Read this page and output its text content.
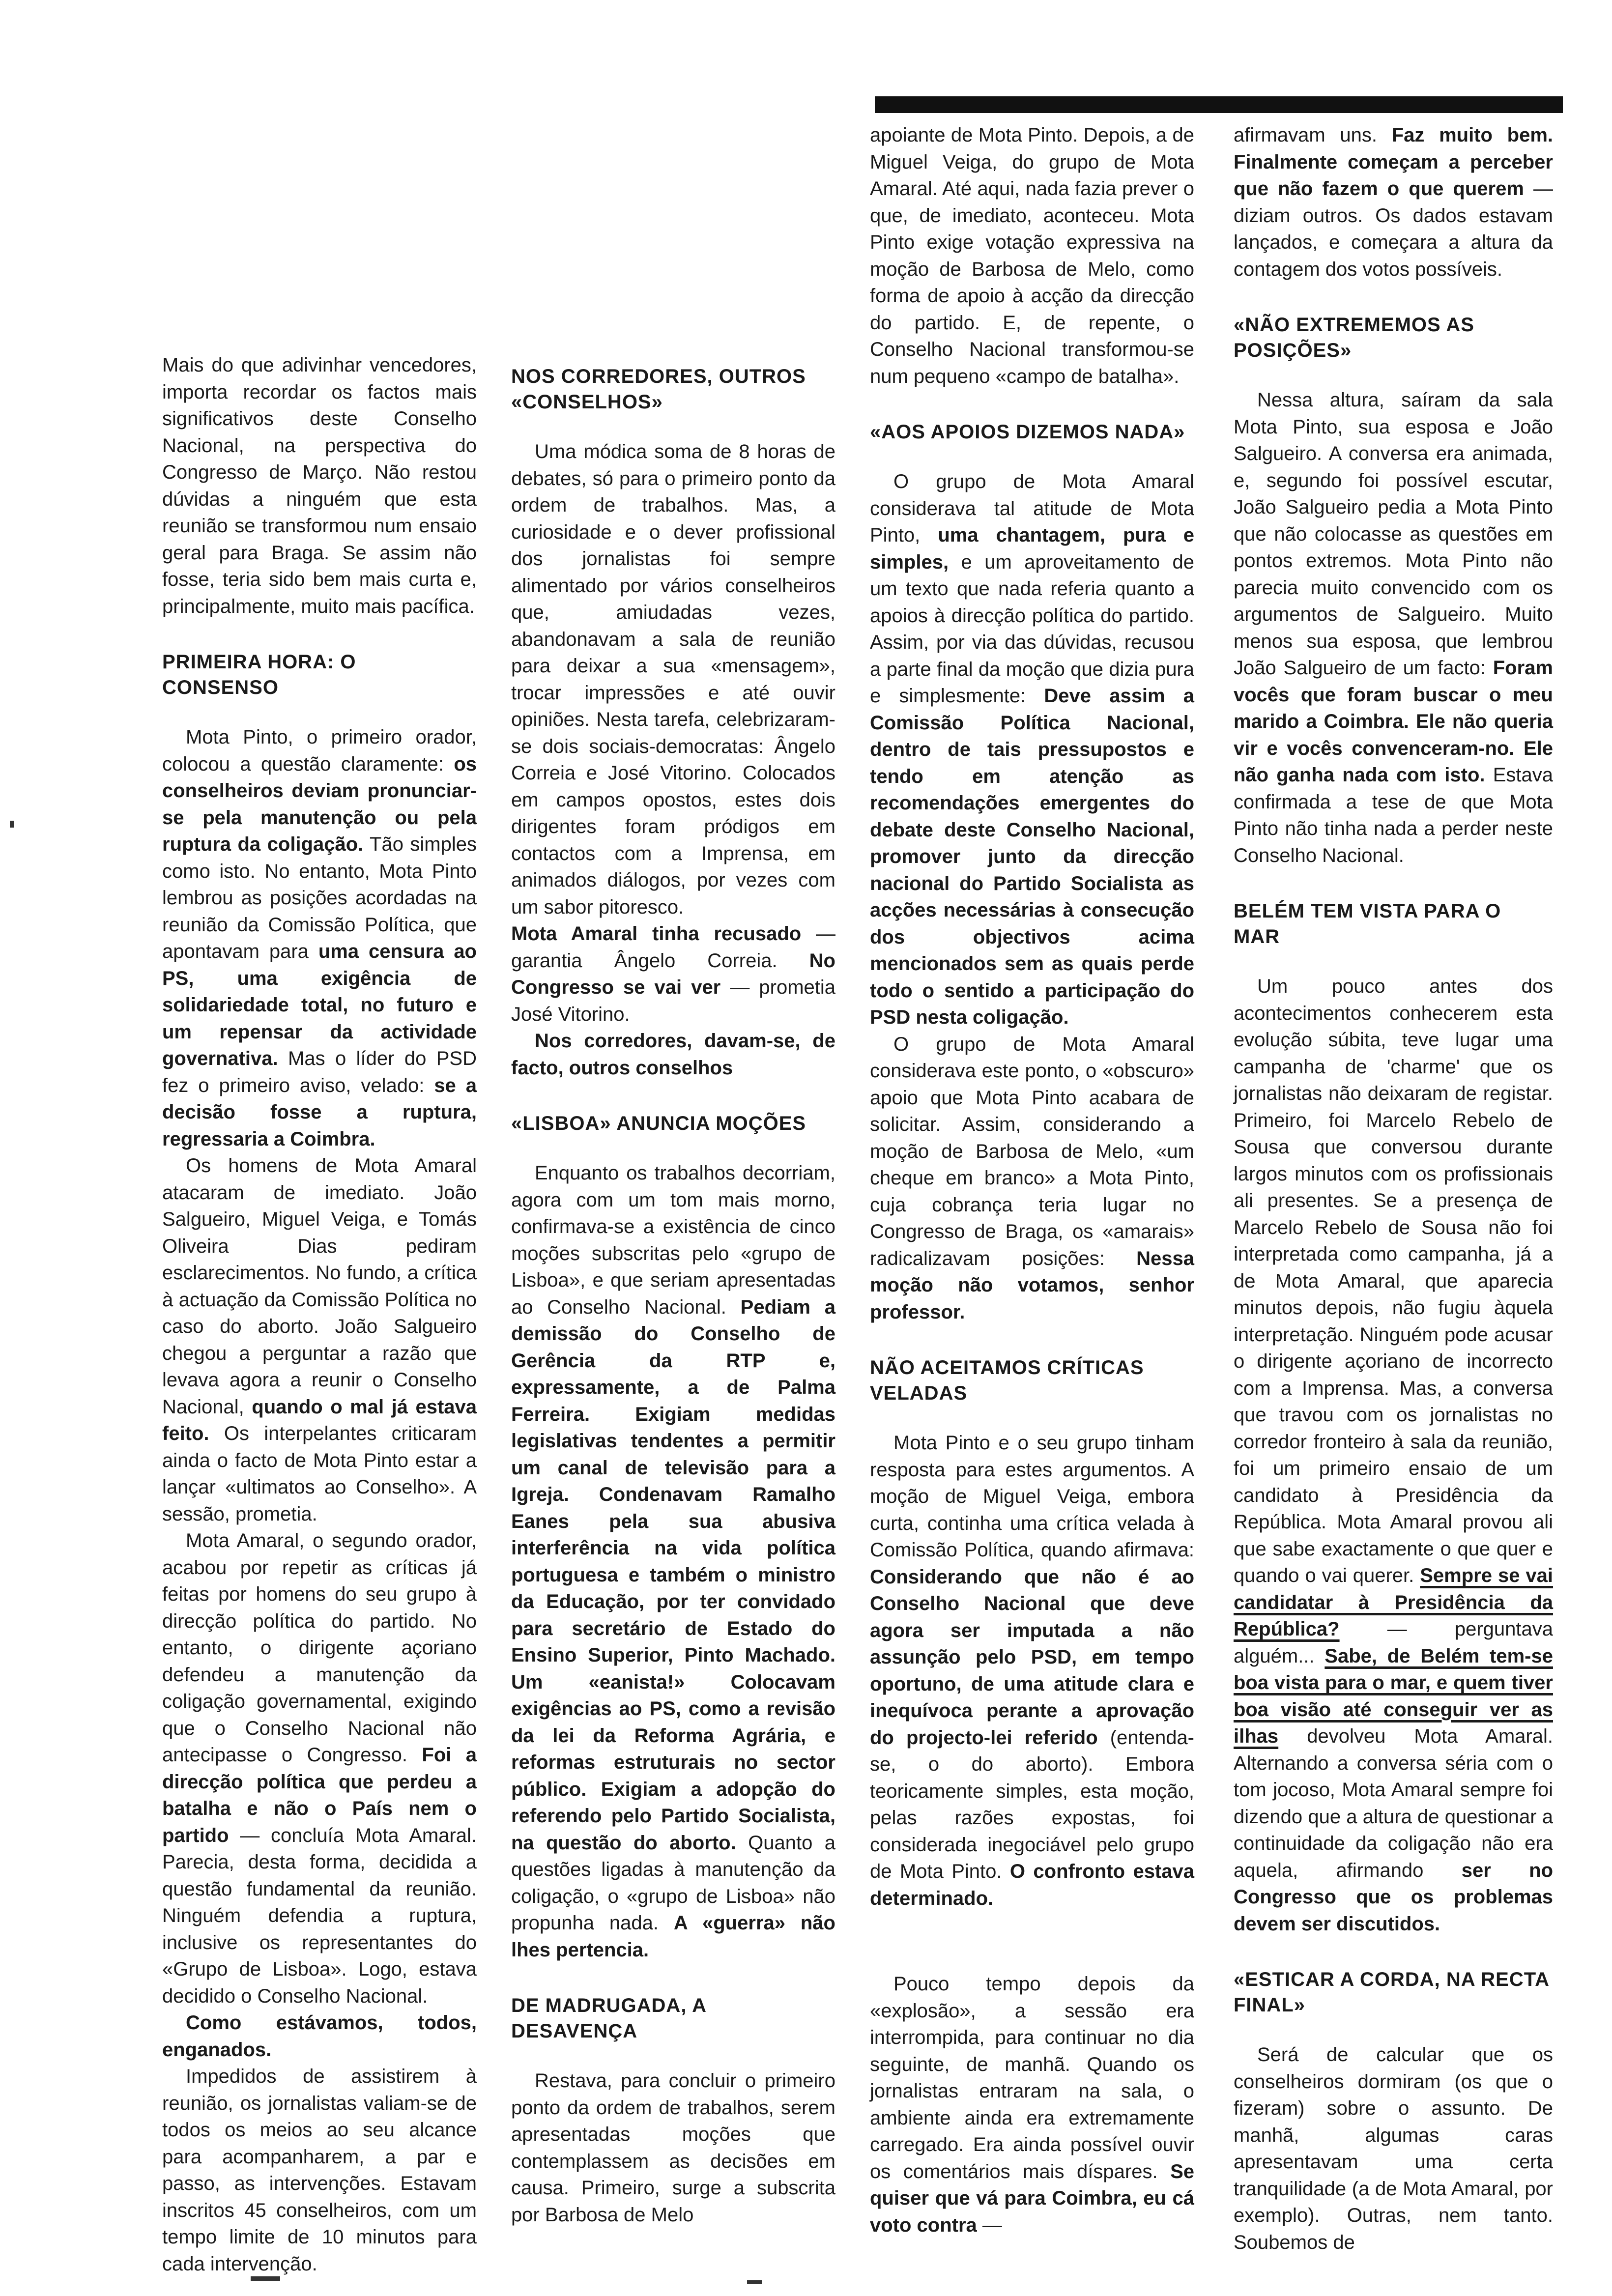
Mais do que adivinhar vencedores, importa recordar os factos mais significativos deste Conselho Nacional, na perspectiva do Congresso de Março. Não restou dúvidas a ninguém que esta reunião se transformou num ensaio geral para Braga. Se assim não fosse, teria sido bem mais curta e, principalmente, muito mais pacífica.

PRIMEIRA HORA: O CONSENSO

Mota Pinto, o primeiro orador, colocou a questão claramente: os conselheiros deviam pronunciar-se pela manutenção ou pela ruptura da coligação. Tão simples como isto. No entanto, Mota Pinto lembrou as posições acordadas na reunião da Comissão Política, que apontavam para uma censura ao PS, uma exigência de solidariedade total, no futuro e um repensar da actividade governativa. Mas o líder do PSD fez o primeiro aviso, velado: se a decisão fosse a ruptura, regressaria a Coimbra.

Os homens de Mota Amaral atacaram de imediato. João Salgueiro, Miguel Veiga, e Tomás Oliveira Dias pediram esclarecimentos. No fundo, a crítica à actuação da Comissão Política no caso do aborto. João Salgueiro chegou a perguntar a razão que levava agora a reunir o Conselho Nacional, quando o mal já estava feito. Os interpelantes criticaram ainda o facto de Mota Pinto estar a lançar «ultimatos ao Conselho». A sessão, prometia.

Mota Amaral, o segundo orador, acabou por repetir as críticas já feitas por homens do seu grupo à direcção política do partido. No entanto, o dirigente açoriano defendeu a manutenção da coligação governamental, exigindo que o Conselho Nacional não antecipasse o Congresso. Foi a direcção política que perdeu a batalha e não o País nem o partido — concluía Mota Amaral. Parecia, desta forma, decidida a questão fundamental da reunião. Ninguém defendia a ruptura, inclusive os representantes do «Grupo de Lisboa». Logo, estava decidido o Conselho Nacional.

Como estávamos, todos, enganados.

Impedidos de assistirem à reunião, os jornalistas valiam-se de todos os meios ao seu alcance para acompanharem, a par e passo, as intervenções. Estavam inscritos 45 conselheiros, com um tempo limite de 10 minutos para cada intervenção.

NOS CORREDORES, OUTROS «CONSELHOS»

Uma módica soma de 8 horas de debates, só para o primeiro ponto da ordem de trabalhos. Mas, a curiosidade e o dever profissional dos jornalistas foi sempre alimentado por vários conselheiros que, amiudadas vezes, abandonavam a sala de reunião para deixar a sua «mensagem», trocar impressões e até ouvir opiniões. Nesta tarefa, celebrizaram-se dois sociais-democratas: Ângelo Correia e José Vitorino. Colocados em campos opostos, estes dois dirigentes foram pródigos em contactos com a Imprensa, em animados diálogos, por vezes com um sabor pitoresco.

Mota Amaral tinha recusado — garantia Ângelo Correia. No Congresso se vai ver — prometia José Vitorino.

Nos corredores, davam-se, de facto, outros conselhos

«LISBOA» ANUNCIA MOÇÕES

Enquanto os trabalhos decorriam, agora com um tom mais morno, confirmava-se a existência de cinco moções subscritas pelo «grupo de Lisboa», e que seriam apresentadas ao Conselho Nacional. Pediam a demissão do Conselho de Gerência da RTP e, expressamente, a de Palma Ferreira. Exigiam medidas legislativas tendentes a permitir um canal de televisão para a Igreja. Condenavam Ramalho Eanes pela sua abusiva interferência na vida política portuguesa e também o ministro da Educação, por ter convidado para secretário de Estado do Ensino Superior, Pinto Machado. Um «eanista!» Colocavam exigências ao PS, como a revisão da lei da Reforma Agrária, e reformas estruturais no sector público. Exigiam a adopção do referendo pelo Partido Socialista, na questão do aborto. Quanto a questões ligadas à manutenção da coligação, o «grupo de Lisboa» não propunha nada. A «guerra» não lhes pertencia.

DE MADRUGADA, A DESAVENÇA

Restava, para concluir o primeiro ponto da ordem de trabalhos, serem apresentadas moções que contemplassem as decisões em causa. Primeiro, surge a subscrita por Barbosa de Melo

apoiante de Mota Pinto. Depois, a de Miguel Veiga, do grupo de Mota Amaral. Até aqui, nada fazia prever o que, de imediato, aconteceu. Mota Pinto exige votação expressiva na moção de Barbosa de Melo, como forma de apoio à acção da direcção do partido. E, de repente, o Conselho Nacional transformou-se num pequeno «campo de batalha».

«AOS APOIOS DIZEMOS NADA»

O grupo de Mota Amaral considerava tal atitude de Mota Pinto, uma chantagem, pura e simples, e um aproveitamento de um texto que nada referia quanto a apoios à direcção política do partido. Assim, por via das dúvidas, recusou a parte final da moção que dizia pura e simplesmente: Deve assim a Comissão Política Nacional, dentro de tais pressupostos e tendo em atenção as recomendações emergentes do debate deste Conselho Nacional, promover junto da direcção nacional do Partido Socialista as acções necessárias à consecução dos objectivos acima mencionados sem as quais perde todo o sentido a participação do PSD nesta coligação.

O grupo de Mota Amaral considerava este ponto, o «obscuro» apoio que Mota Pinto acabara de solicitar. Assim, considerando a moção de Barbosa de Melo, «um cheque em branco» a Mota Pinto, cuja cobrança teria lugar no Congresso de Braga, os «amarais» radicalizavam posições: Nessa moção não votamos, senhor professor.

NÃO ACEITAMOS CRÍTICAS VELADAS

Mota Pinto e o seu grupo tinham resposta para estes argumentos. A moção de Miguel Veiga, embora curta, continha uma crítica velada à Comissão Política, quando afirmava: Considerando que não é ao Conselho Nacional que deve agora ser imputada a não assunção pelo PSD, em tempo oportuno, de uma atitude clara e inequívoca perante a aprovação do projecto-lei referido (entenda-se, o do aborto). Embora teoricamente simples, esta moção, pelas razões expostas, foi considerada inegociável pelo grupo de Mota Pinto. O confronto estava determinado.

Pouco tempo depois da «explosão», a sessão era interrompida, para continuar no dia seguinte, de manhã. Quando os jornalistas entraram na sala, o ambiente ainda era extremamente carregado. Era ainda possível ouvir os comentários mais díspares. Se quiser que vá para Coimbra, eu cá voto contra —

afirmavam uns. Faz muito bem. Finalmente começam a perceber que não fazem o que querem — diziam outros. Os dados estavam lançados, e começara a altura da contagem dos votos possíveis.

«NÃO EXTREMEMOS AS POSIÇÕES»

Nessa altura, saíram da sala Mota Pinto, sua esposa e João Salgueiro. A conversa era animada, e, segundo foi possível escutar, João Salgueiro pedia a Mota Pinto que não colocasse as questões em pontos extremos. Mota Pinto não parecia muito convencido com os argumentos de Salgueiro. Muito menos sua esposa, que lembrou João Salgueiro de um facto: Foram vocês que foram buscar o meu marido a Coimbra. Ele não queria vir e vocês convenceram-no. Ele não ganha nada com isto. Estava confirmada a tese de que Mota Pinto não tinha nada a perder neste Conselho Nacional.

BELÉM TEM VISTA PARA O MAR

Um pouco antes dos acontecimentos conhecerem esta evolução súbita, teve lugar uma campanha de 'charme' que os jornalistas não deixaram de registar. Primeiro, foi Marcelo Rebelo de Sousa que conversou durante largos minutos com os profissionais ali presentes. Se a presença de Marcelo Rebelo de Sousa não foi interpretada como campanha, já a de Mota Amaral, que aparecia minutos depois, não fugiu àquela interpretação. Ninguém pode acusar o dirigente açoriano de incorrecto com a Imprensa. Mas, a conversa que travou com os jornalistas no corredor fronteiro à sala da reunião, foi um primeiro ensaio de um candidato à Presidência da República. Mota Amaral provou ali que sabe exactamente o que quer e quando o vai querer. Sempre se vai candidatar à Presidência da República? — perguntava alguém... Sabe, de Belém tem-se boa vista para o mar, e quem tiver boa visão até conseguir ver as ilhas devolveu Mota Amaral. Alternando a conversa séria com o tom jocoso, Mota Amaral sempre foi dizendo que a altura de questionar a continuidade da coligação não era aquela, afirmando ser no Congresso que os problemas devem ser discutidos.

«ESTICAR A CORDA, NA RECTA FINAL»

Será de calcular que os conselheiros dormiram (os que o fizeram) sobre o assunto. De manhã, algumas caras apresentavam uma certa tranquilidade (a de Mota Amaral, por exemplo). Outras, nem tanto. Soubemos de
